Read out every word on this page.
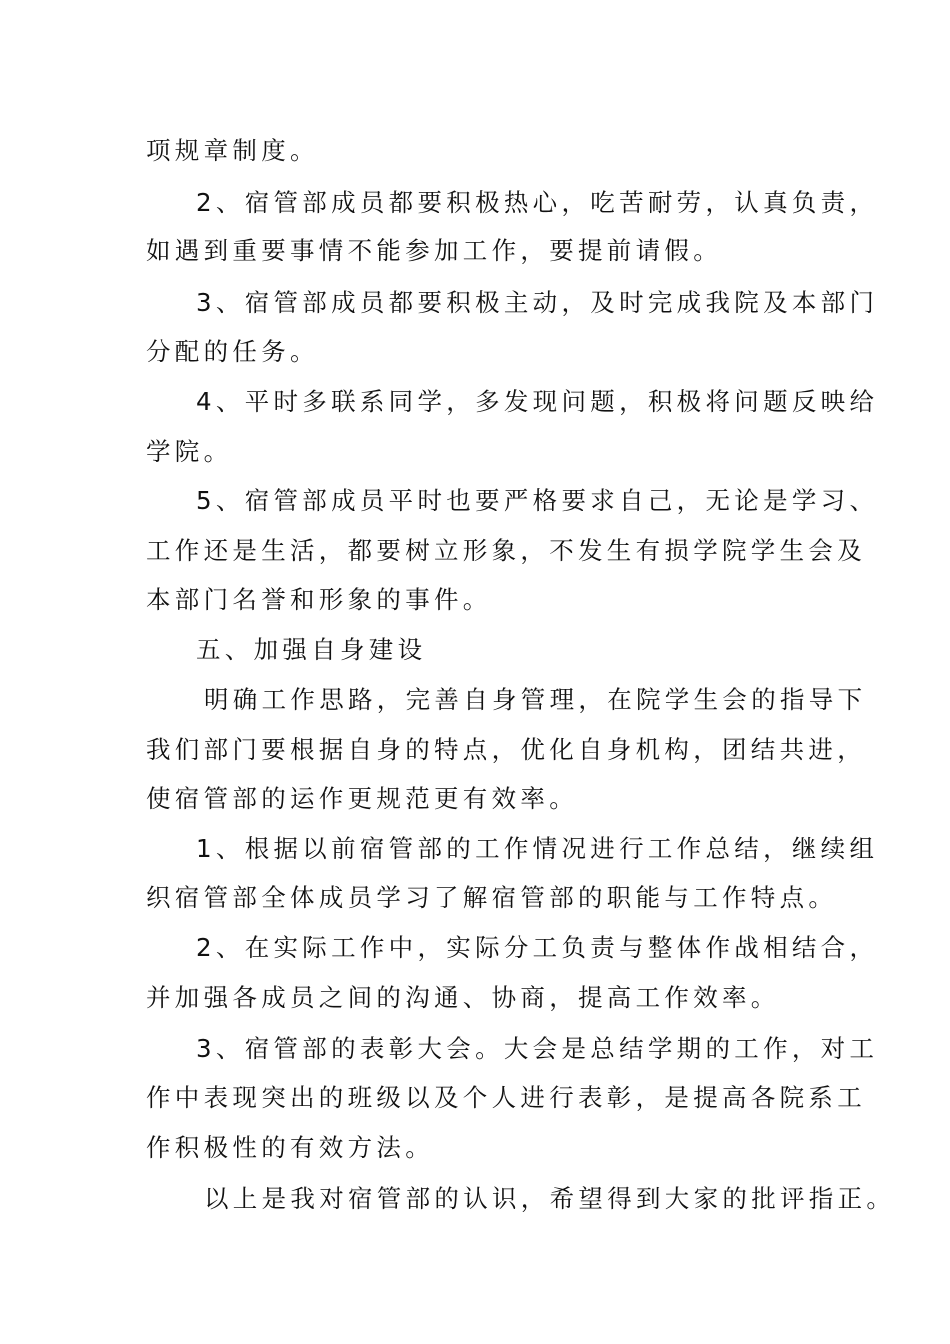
项规章制度。
2、宿管部成员都要积极热心，吃苦耐劳，认真负责，
如遇到重要事情不能参加工作，要提前请假。
3、宿管部成员都要积极主动，及时完成我院及本部门
分配的任务。
4、平时多联系同学，多发现问题，积极将问题反映给
学院。
5、宿管部成员平时也要严格要求自己，无论是学习、
工作还是生活，都要树立形象，不发生有损学院学生会及
本部门名誉和形象的事件。
五、加强自身建设
明确工作思路，完善自身管理，在院学生会的指导下
我们部门要根据自身的特点，优化自身机构，团结共进，
使宿管部的运作更规范更有效率。
1、根据以前宿管部的工作情况进行工作总结，继续组
织宿管部全体成员学习了解宿管部的职能与工作特点。
2、在实际工作中，实际分工负责与整体作战相结合，
并加强各成员之间的沟通、协商，提高工作效率。
3、宿管部的表彰大会。大会是总结学期的工作，对工
作中表现突出的班级以及个人进行表彰，是提高各院系工
作积极性的有效方法。
以上是我对宿管部的认识，希望得到大家的批评指正。
